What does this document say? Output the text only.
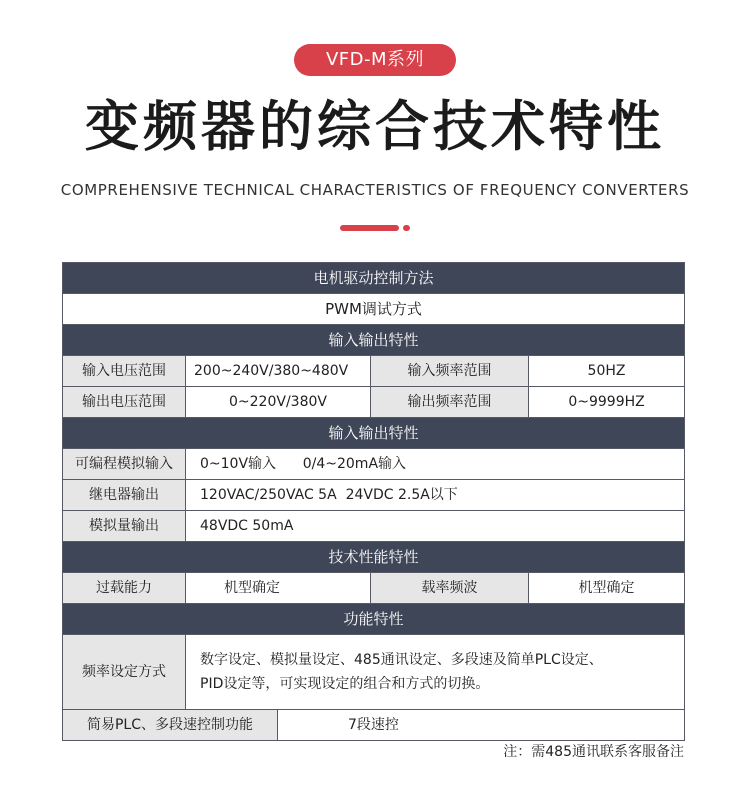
VFD-M系列
变频器的综合技术特性
COMPREHENSIVE TECHNICAL CHARACTERISTICS OF FREQUENCY CONVERTERS
电机驱动控制方法				
PWM调试方式				
输入输出特性				
输入电压范围	200~240V/380~480V		输入频率范围	50HZ
输出电压范围	0~220V/380V		输出频率范围	0~9999HZ
输入输出特性				
可编程模拟输入	0~10V输入      0/4~20mA输入			
继电器输出	120VAC/250VAC 5A  24VDC 2.5A以下			
模拟量输出	48VDC 50mA			
技术性能特性				
过载能力	机型确定		载率频波	机型确定
功能特性				
频率设定方式	数字设定、模拟量设定、485通讯设定、多段速及简单PLC设定、
PID设定等，可实现设定的组合和方式的切换。			

简易PLC、多段速控制功能		7段速控		
注：需485通讯联系客服备注
